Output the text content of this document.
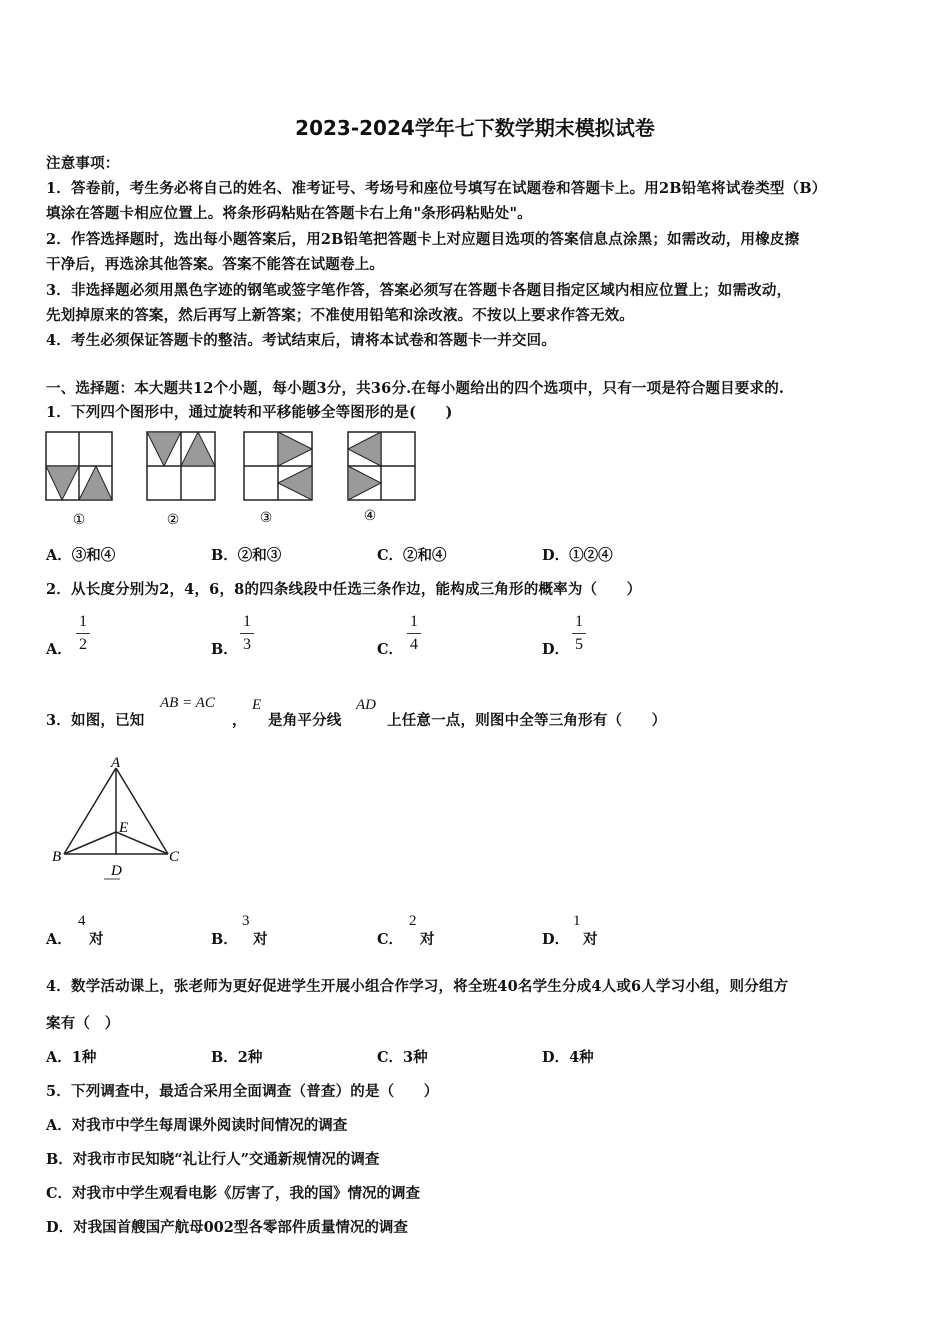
2023-2024学年七下数学期末模拟试卷
注意事项：
1．答卷前，考生务必将自己的姓名、准考证号、考场号和座位号填写在试题卷和答题卡上。用2B铅笔将试卷类型（B）
填涂在答题卡相应位置上。将条形码粘贴在答题卡右上角"条形码粘贴处"。
2．作答选择题时，选出每小题答案后，用2B铅笔把答题卡上对应题目选项的答案信息点涂黑；如需改动，用橡皮擦
干净后，再选涂其他答案。答案不能答在试题卷上。
3．非选择题必须用黑色字迹的钢笔或签字笔作答，答案必须写在答题卡各题目指定区域内相应位置上；如需改动，
先划掉原来的答案，然后再写上新答案；不准使用铅笔和涂改液。不按以上要求作答无效。
4．考生必须保证答题卡的整洁。考试结束后，请将本试卷和答题卡一并交回。
一、选择题：本大题共12个小题，每小题3分，共36分.在每小题给出的四个选项中，只有一项是符合题目要求的.
1．下列四个图形中，通过旋转和平移能够全等图形的是(　　)
①	②	③	④
A．③和④	B．②和③	C．②和④	D．①②④
2．从长度分别为2，4，6，8的四条线段中任选三条作边，能构成三角形的概率为（　　）
A．
1
2	B．
1
3	C．
1
4	D．
1
5
3．如图，已知
AB = AC
，
E
是角平分线
AD
上任意一点，则图中全等三角形有（　　）
A
B	C
D
E
A．
4
对	B．
3
对	C．
2
对	D．
1
对
4．数学活动课上，张老师为更好促进学生开展小组合作学习，将全班40名学生分成4人或6人学习小组，则分组方
案有（　）
A．1种	B．2种	C．3种	D．4种
5．下列调查中，最适合采用全面调查（普查）的是（　　）
A．对我市中学生每周课外阅读时间情况的调查
B．对我市市民知晓“礼让行人”交通新规情况的调查
C．对我市中学生观看电影《厉害了，我的国》情况的调查
D．对我国首艘国产航母002型各零部件质量情况的调查
